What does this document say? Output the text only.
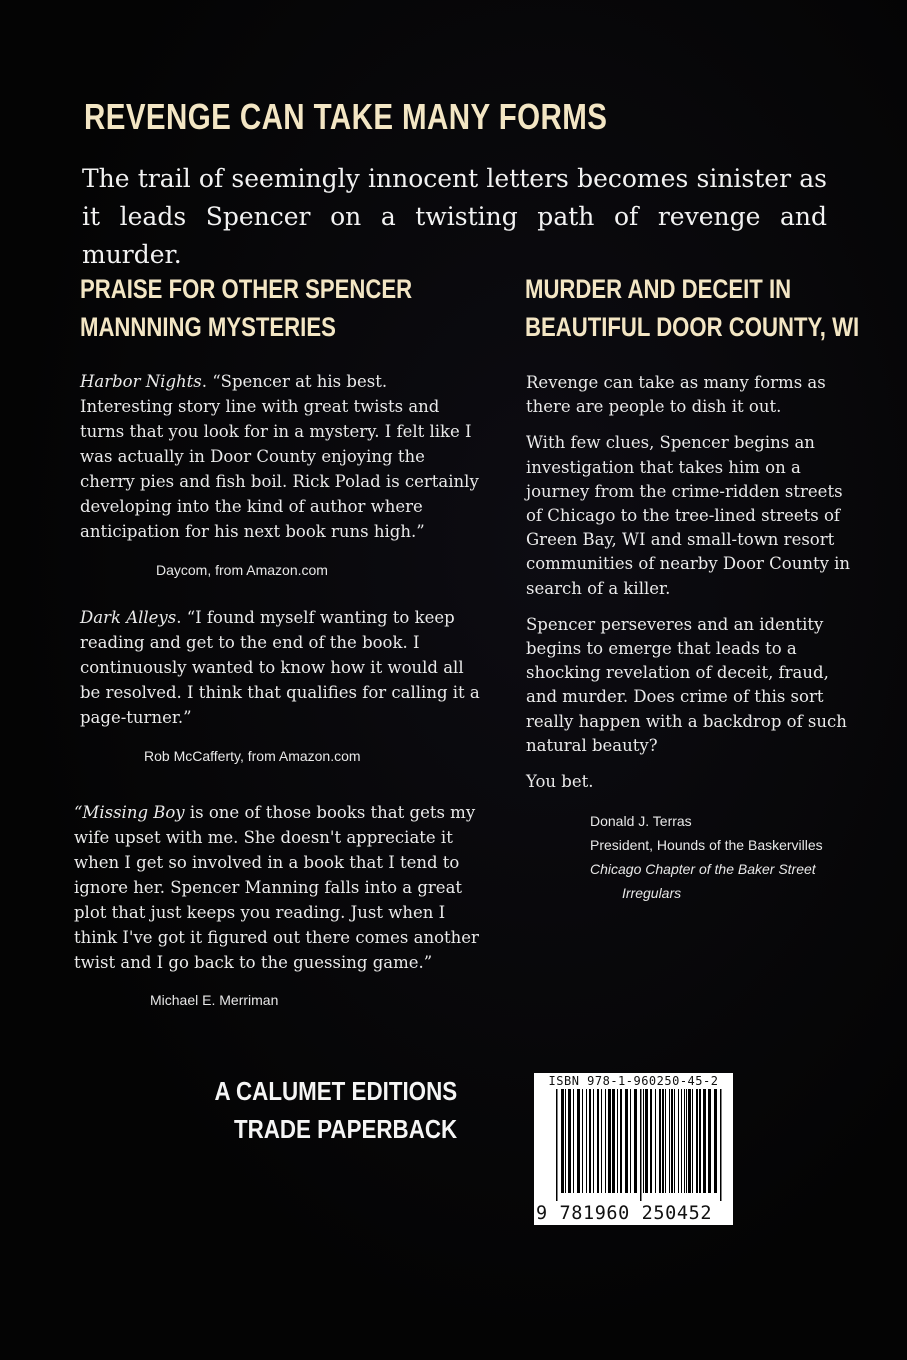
REVENGE CAN TAKE MANY FORMS
The trail of seemingly innocent letters becomes sinister as it leads Spencer on a twisting path of revenge and murder.
PRAISE FOR OTHER SPENCER
MANNNING MYSTERIES
Harbor Nights. “Spencer at his best. Interesting story line with great twists and turns that you look for in a mystery. I felt like I was actually in Door County enjoying the cherry pies and fish boil. Rick Polad is certainly developing into the kind of author where anticipation for his next book runs high.”
Daycom, from Amazon.com
Dark Alleys. “I found myself wanting to keep reading and get to the end of the book. I continuously wanted to know how it would all be resolved. I think that qualifies for calling it a page-turner.”
Rob McCafferty, from Amazon.com
“Missing Boy is one of those books that gets my wife upset with me. She doesn't appreciate it when I get so involved in a book that I tend to ignore her. Spencer Manning falls into a great plot that just keeps you reading. Just when I think I've got it figured out there comes another twist and I go back to the guessing game.”
Michael E. Merriman
MURDER AND DECEIT IN
BEAUTIFUL DOOR COUNTY, WI

Revenge can take as many forms as there are people to dish it out.

With few clues, Spencer begins an investigation that takes him on a journey from the crime-ridden streets of Chicago to the tree-lined streets of Green Bay, WI and small-town resort communities of nearby Door County in search of a killer.

Spencer perseveres and an identity begins to emerge that leads to a shocking revelation of deceit, fraud, and murder. Does crime of this sort really happen with a backdrop of such natural beauty?

You bet.

Donald J. Terras
President, Hounds of the Baskervilles
Chicago Chapter of the Baker Street
Irregulars
A CALUMET EDITIONS
TRADE PAPERBACK
ISBN 978-1-960250-45-2
9 781960 250452
